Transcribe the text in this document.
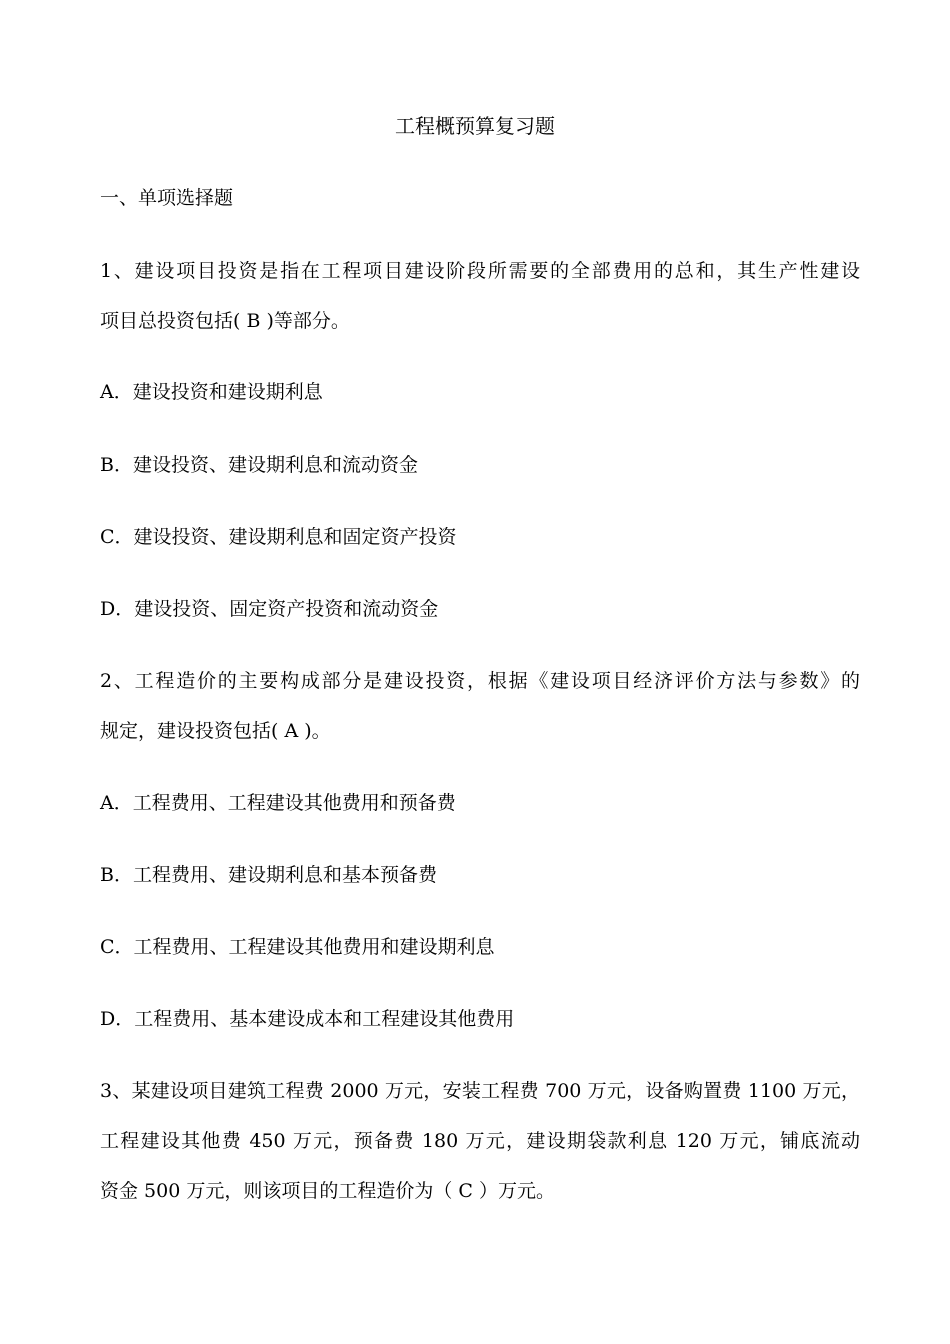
工程概预算复习题
一、单项选择题
1、建设项目投资是指在工程项目建设阶段所需要的全部费用的总和，其生产性建设
项目总投资包括( B )等部分。
A．建设投资和建设期利息
B．建设投资、建设期利息和流动资金
C．建设投资、建设期利息和固定资产投资
D．建设投资、固定资产投资和流动资金
2、工程造价的主要构成部分是建设投资，根据《建设项目经济评价方法与参数》的
规定，建设投资包括( A )。
A．工程费用、工程建设其他费用和预备费
B．工程费用、建设期利息和基本预备费
C．工程费用、工程建设其他费用和建设期利息
D．工程费用、基本建设成本和工程建设其他费用
3、某建设项目建筑工程费 2000 万元，安装工程费 700 万元，设备购置费 1100 万元，
工程建设其他费 450 万元，预备费 180 万元，建设期袋款利息 120 万元，铺底流动
资金 500 万元，则该项目的工程造价为（ C ）万元。
